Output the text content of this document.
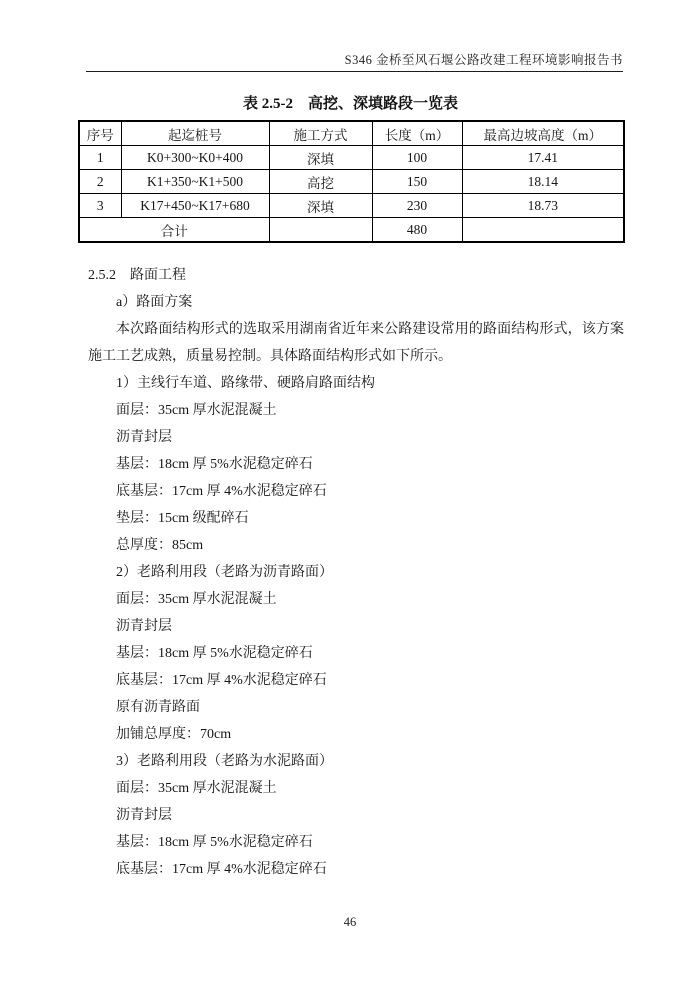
S346 金桥至风石堰公路改建工程环境影响报告书
表 2.5-2　高挖、深填路段一览表
序号	起迄桩号	施工方式	长度（m）	最高边坡高度（m）
1	K0+300~K0+400	深填	100	17.41
2	K1+350~K1+500	高挖	150	18.14
3	K17+450~K17+680	深填	230	18.73
合计			480	
2.5.2　路面工程
a）路面方案

本次路面结构形式的选取采用湖南省近年来公路建设常用的路面结构形式，该方案施工工艺成熟，质量易控制。具体路面结构形式如下所示。

1）主线行车道、路缘带、硬路肩路面结构
面层：35cm 厚水泥混凝土
沥青封层
基层：18cm 厚 5%水泥稳定碎石
底基层：17cm 厚 4%水泥稳定碎石
垫层：15cm 级配碎石
总厚度：85cm
2）老路利用段（老路为沥青路面）
面层：35cm 厚水泥混凝土
沥青封层
基层：18cm 厚 5%水泥稳定碎石
底基层：17cm 厚 4%水泥稳定碎石
原有沥青路面
加铺总厚度：70cm
3）老路利用段（老路为水泥路面）
面层：35cm 厚水泥混凝土
沥青封层
基层：18cm 厚 5%水泥稳定碎石
底基层：17cm 厚 4%水泥稳定碎石
46
